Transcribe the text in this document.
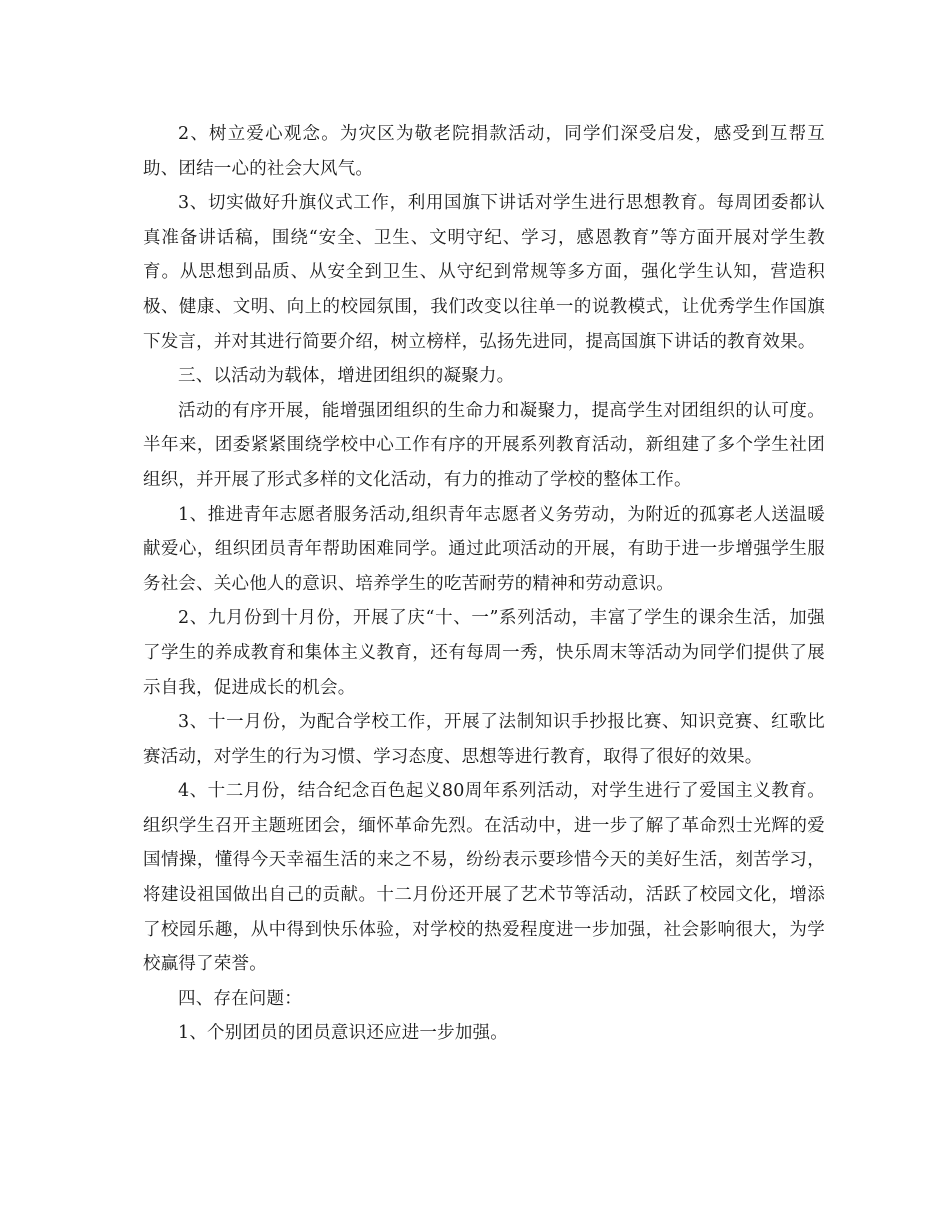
2、树立爱心观念。为灾区为敬老院捐款活动，同学们深受启发，感受到互帮互助、团结一心的社会大风气。

3、切实做好升旗仪式工作，利用国旗下讲话对学生进行思想教育。每周团委都认真准备讲话稿，围绕“安全、卫生、文明守纪、学习，感恩教育”等方面开展对学生教育。从思想到品质、从安全到卫生、从守纪到常规等多方面，强化学生认知，营造积极、健康、文明、向上的校园氛围，我们改变以往单一的说教模式，让优秀学生作国旗下发言，并对其进行简要介绍，树立榜样，弘扬先进同，提高国旗下讲话的教育效果。

三、以活动为载体，增进团组织的凝聚力。

活动的有序开展，能增强团组织的生命力和凝聚力，提高学生对团组织的认可度。半年来，团委紧紧围绕学校中心工作有序的开展系列教育活动，新组建了多个学生社团组织，并开展了形式多样的文化活动，有力的推动了学校的整体工作。

1、推进青年志愿者服务活动,组织青年志愿者义务劳动，为附近的孤寡老人送温暖献爱心，组织团员青年帮助困难同学。通过此项活动的开展，有助于进一步增强学生服务社会、关心他人的意识、培养学生的吃苦耐劳的精神和劳动意识。

2、九月份到十月份，开展了庆“十、一”系列活动，丰富了学生的课余生活，加强了学生的养成教育和集体主义教育，还有每周一秀，快乐周末等活动为同学们提供了展示自我，促进成长的机会。

3、十一月份，为配合学校工作，开展了法制知识手抄报比赛、知识竞赛、红歌比赛活动，对学生的行为习惯、学习态度、思想等进行教育，取得了很好的效果。

4、十二月份，结合纪念百色起义80周年系列活动，对学生进行了爱国主义教育。组织学生召开主题班团会，缅怀革命先烈。在活动中，进一步了解了革命烈士光辉的爱国情操，懂得今天幸福生活的来之不易，纷纷表示要珍惜今天的美好生活，刻苦学习，将建设祖国做出自己的贡献。十二月份还开展了艺术节等活动，活跃了校园文化，增添了校园乐趣，从中得到快乐体验，对学校的热爱程度进一步加强，社会影响很大，为学校赢得了荣誉。

四、存在问题：

1、个别团员的团员意识还应进一步加强。
